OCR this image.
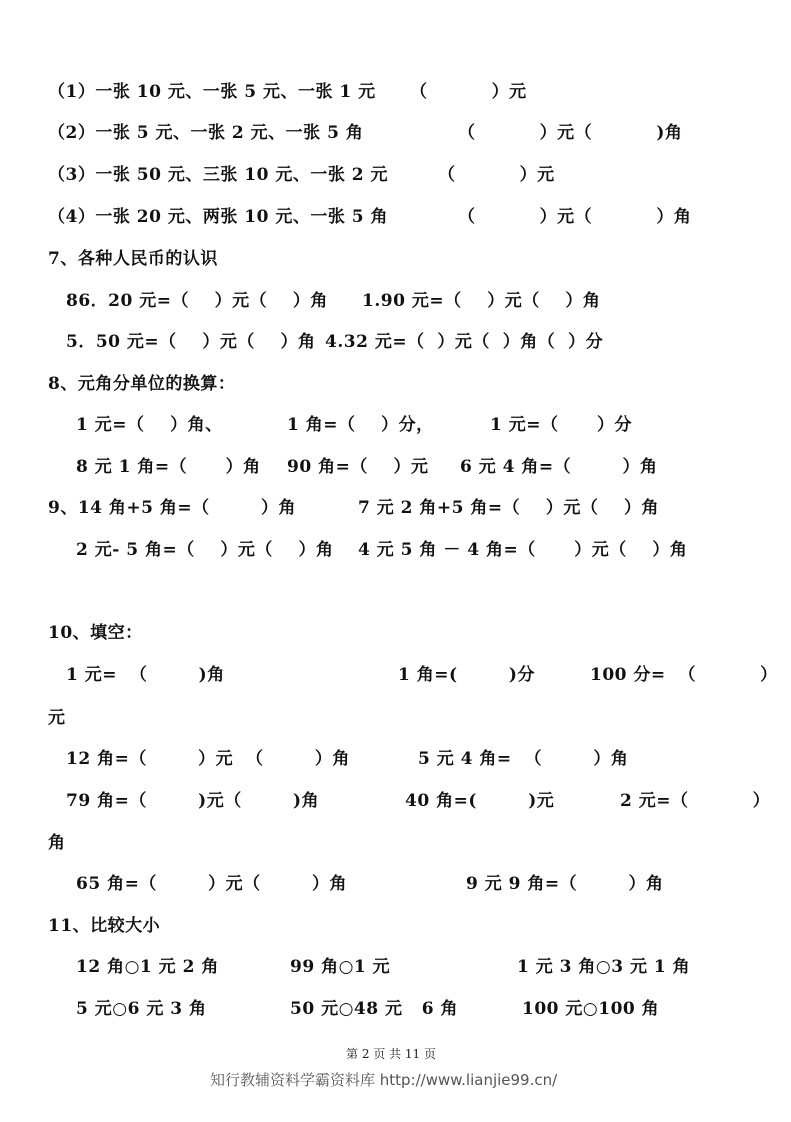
（1）一张 10 元、一张 5 元、一张 1 元 （          ）元
（2）一张 5 元、一张 2 元、一张 5 角	（          ）元（          )角
（3）一张 50 元、三张 10 元、一张 2 元	（          ）元
（4）一张 20 元、两张 10 元、一张 5 角	（          ）元（          ）角
7、各种人民币的认识
86．20 元=（    ）元（    ）角 1.90 元=（    ）元（    ）角
5．50 元=（    ）元（    ）角 4.32 元=（  ）元（  ）角（  ）分
8、元角分单位的换算：
1 元=（    ）角、	1 角=（    ）分，	1 元=（      ）分
8 元 1 角=（      ）角 90 角=（    ）元 6 元 4 角=（        ）角
9、14 角+5 角=（        ）角	7 元 2 角+5 角=（    ）元（    ）角
2 元- 5 角=（    ）元（    ）角 4 元 5 角 － 4 角=（      ）元（    ）角
10、填空：
1 元=  （        )角	1 角=(        )分	100 分=  （          ）
元
12 角=（        ）元  （        ）角	5 元 4 角=  （        ）角
79 角=（        )元（        )角	40 角=(        )元	2 元=（          ）
角
65 角=（        ）元（        ）角	9 元 9 角=（        ）角
11、比较大小
12 角○1 元 2 角	99 角○1 元	1 元 3 角○3 元 1 角
5 元○6 元 3 角	50 元○48 元   6 角	100 元○100 角
第 2 页 共 11 页
知行教辅资料学霸资料库 http://www.lianjie99.cn/
